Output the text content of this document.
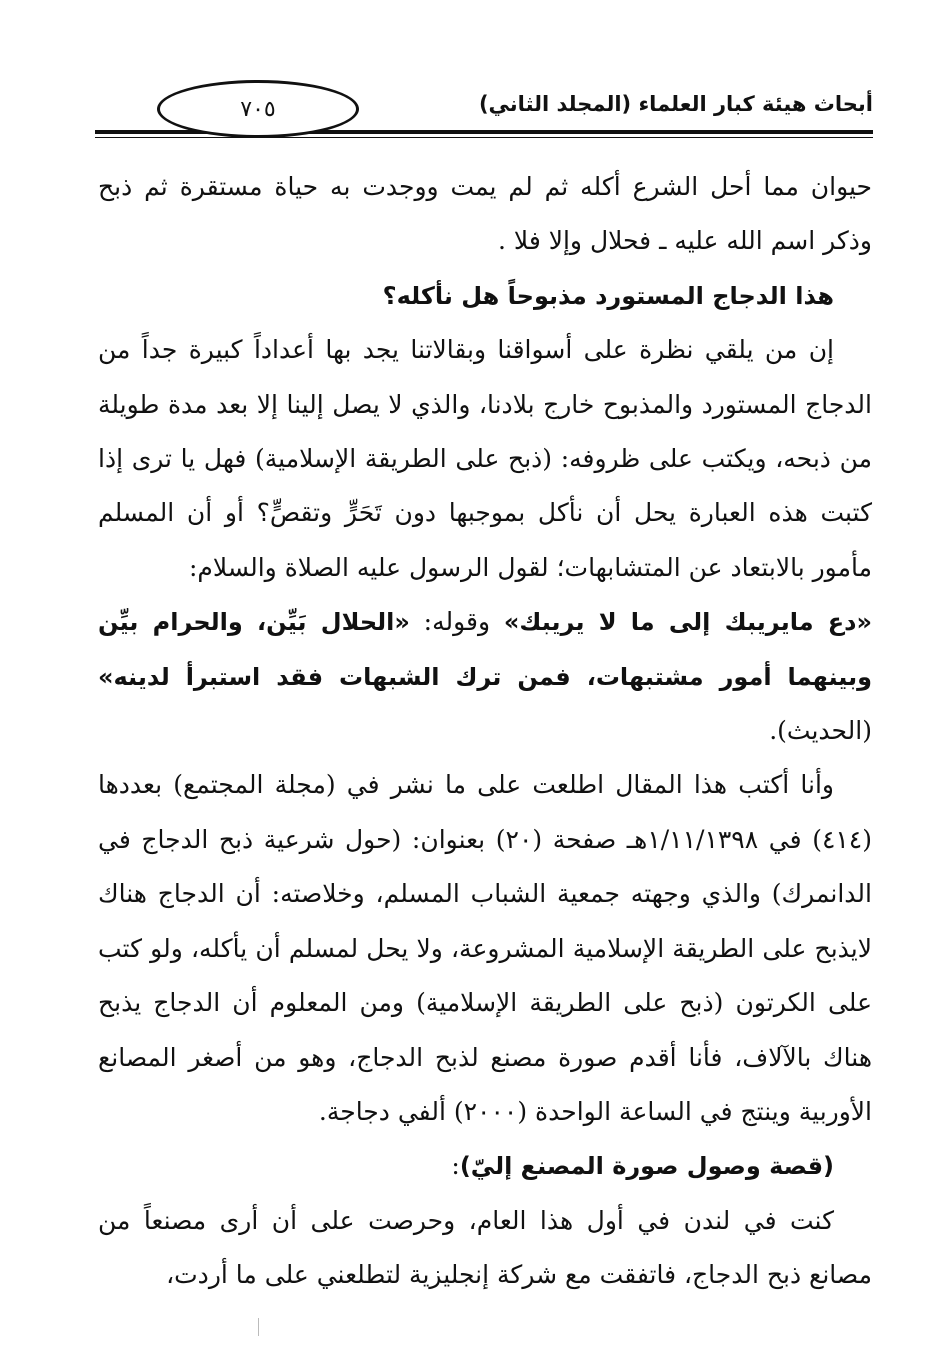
أبحاث هيئة كبار العلماء (المجلد الثاني)
٧٠٥

حيوان مما أحل الشرع أكله ثم لم يمت ووجدت به حياة مستقرة ثم ذبح وذكر اسم الله عليه ـ فحلال وإلا فلا .

هذا الدجاج المستورد مذبوحاً هل نأكله؟

إن من يلقي نظرة على أسواقنا وبقالاتنا يجد بها أعداداً كبيرة جداً من الدجاج المستورد والمذبوح خارج بلادنا، والذي لا يصل إلينا إلا بعد مدة طويلة من ذبحه، ويكتب على ظروفه: (ذبح على الطريقة الإسلامية) فهل يا ترى إذا كتبت هذه العبارة يحل أن نأكل بموجبها دون تَحَرٍّ وتقصٍّ؟ أو أن المسلم مأمور بالابتعاد عن المتشابهات؛ لقول الرسول عليه الصلاة والسلام:
«دع مايريبك إلى ما لا يريبك» وقوله: «الحلال بَيِّن، والحرام بيِّن وبينهما أمور مشتبهات، فمن ترك الشبهات فقد استبرأ لدينه» (الحديث).

وأنا أكتب هذا المقال اطلعت على ما نشر في (مجلة المجتمع) بعددها (٤١٤) في ١/١١/١٣٩٨هـ صفحة (٢٠) بعنوان: (حول شرعية ذبح الدجاج في الدانمرك) والذي وجهته جمعية الشباب المسلم، وخلاصته: أن الدجاج هناك لايذبح على الطريقة الإسلامية المشروعة، ولا يحل لمسلم أن يأكله، ولو كتب على الكرتون (ذبح على الطريقة الإسلامية) ومن المعلوم أن الدجاج يذبح هناك بالآلاف، فأنا أقدم صورة مصنع لذبح الدجاج، وهو من أصغر المصانع الأوربية وينتج في الساعة الواحدة (٢٠٠٠) ألفي دجاجة.

(قصة وصول صورة المصنع إليّ):

كنت في لندن في أول هذا العام، وحرصت على أن أرى مصنعاً من مصانع ذبح الدجاج، فاتفقت مع شركة إنجليزية لتطلعني على ما أردت،
